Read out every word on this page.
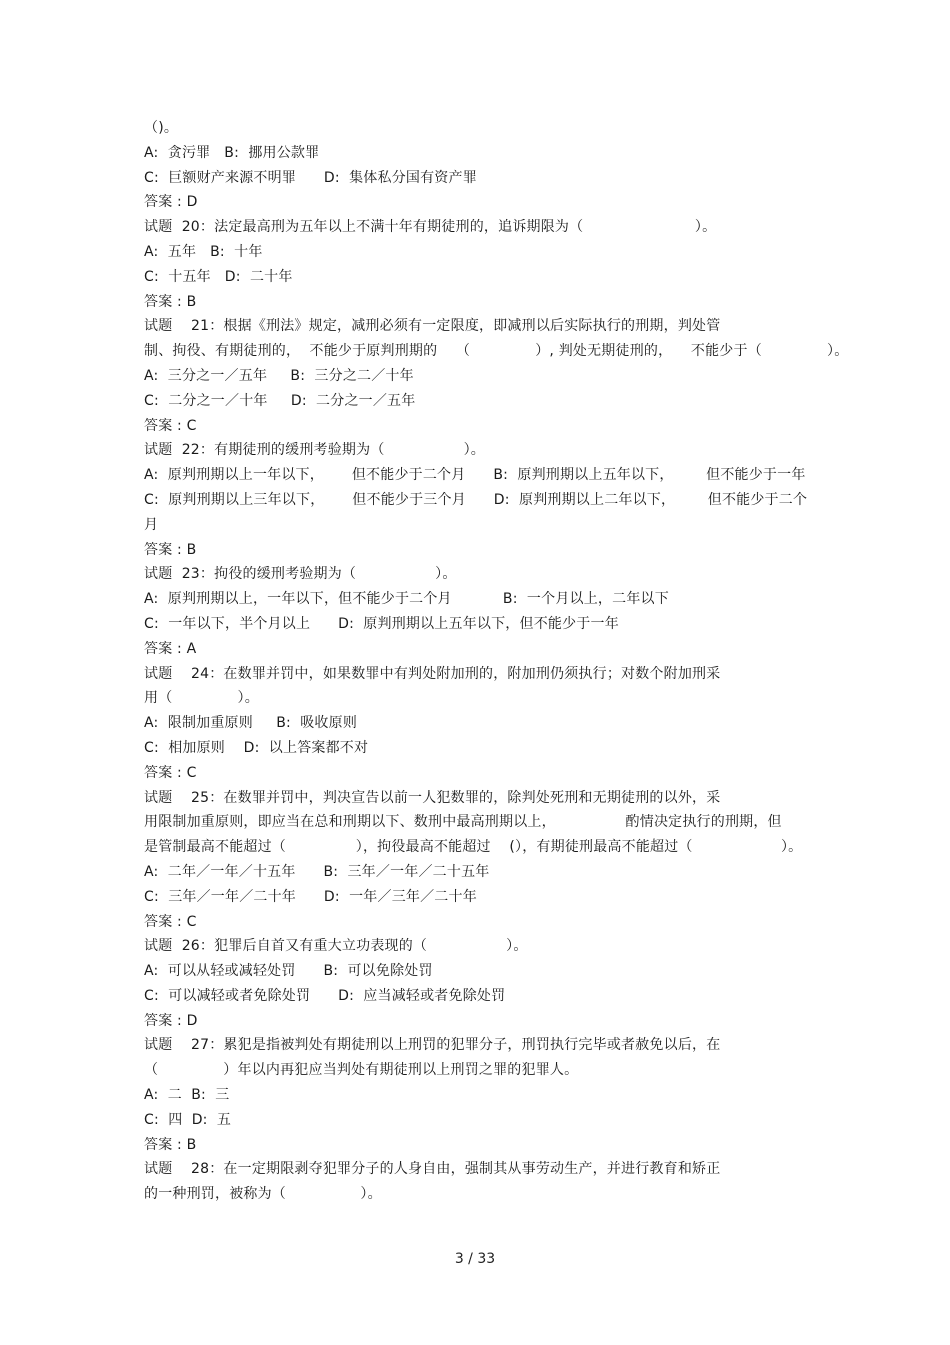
（)。
A:  贪污罪   B:  挪用公款罪
C:  巨额财产来源不明罪      D:  集体私分国有资产罪
答案 : D
试题  20：法定最高刑为五年以上不满十年有期徒刑的，追诉期限为（                        ）。
A:  五年   B:  十年
C:  十五年   D:  二十年
答案 : B
试题    21：根据《刑法》规定，减刑必须有一定限度，即减刑以后实际执行的刑期，判处管
制、拘役、有期徒刑的，  不能少于原判刑期的    （              ）, 判处无期徒刑的，    不能少于（              ）。
A:  三分之一／五年     B:  三分之二／十年
C:  二分之一／十年     D:  二分之一／五年
答案 : C
试题  22：有期徒刑的缓刑考验期为（                 ）。
A:  原判刑期以上一年以下，      但不能少于二个月      B:  原判刑期以上五年以下，       但不能少于一年
C:  原判刑期以上三年以下，      但不能少于三个月      D:  原判刑期以上二年以下，       但不能少于二个
月
答案 : B
试题  23：拘役的缓刑考验期为（                 ）。
A:  原判刑期以上，一年以下，但不能少于二个月           B:  一个月以上，二年以下
C:  一年以下，半个月以上      D:  原判刑期以上五年以下，但不能少于一年
答案 : A
试题    24：在数罪并罚中，如果数罪中有判处附加刑的，附加刑仍须执行；对数个附加刑采
用（              ）。
A:  限制加重原则     B:  吸收原则
C:  相加原则    D:  以上答案都不对
答案 : C
试题    25：在数罪并罚中，判决宣告以前一人犯数罪的，除判处死刑和无期徒刑的以外，采
用限制加重原则，即应当在总和刑期以下、数刑中最高刑期以上，               酌情决定执行的刑期，但
是管制最高不能超过（               ），拘役最高不能超过    (），有期徒刑最高不能超过（                   ）。
A:  二年／一年／十五年      B:  三年／一年／二十五年
C:  三年／一年／二十年      D:  一年／三年／二十年
答案 : C
试题  26：犯罪后自首又有重大立功表现的（                 ）。
A:  可以从轻或减轻处罚      B:  可以免除处罚
C:  可以减轻或者免除处罚      D:  应当减轻或者免除处罚
答案 : D
试题    27：累犯是指被判处有期徒刑以上刑罚的犯罪分子，刑罚执行完毕或者赦免以后，在
（              ）年以内再犯应当判处有期徒刑以上刑罚之罪的犯罪人。
A:  二  B:  三
C:  四  D:  五
答案 : B
试题    28：在一定期限剥夺犯罪分子的人身自由，强制其从事劳动生产，并进行教育和矫正
的一种刑罚，被称为（                ）。
3 / 33
